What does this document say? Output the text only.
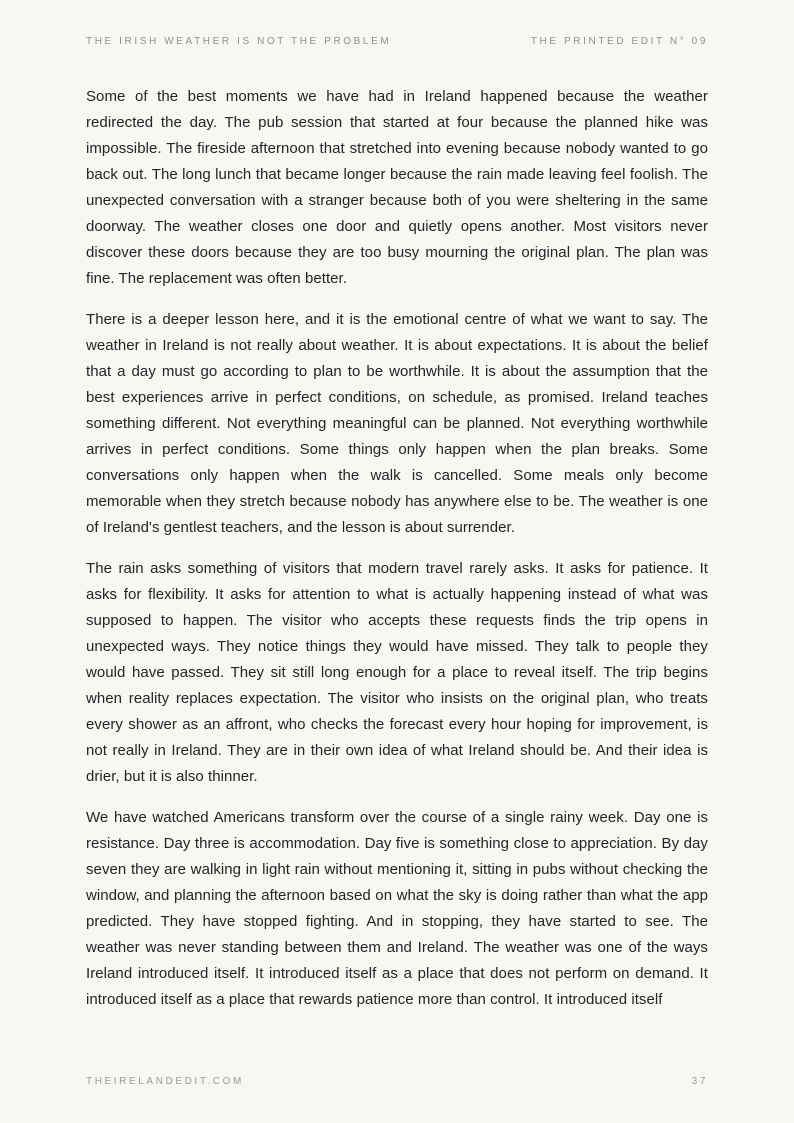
THE IRISH WEATHER IS NOT THE PROBLEM	THE PRINTED EDIT N° 09

Some of the best moments we have had in Ireland happened because the weather redirected the day. The pub session that started at four because the planned hike was impossible. The fireside afternoon that stretched into evening because nobody wanted to go back out. The long lunch that became longer because the rain made leaving feel foolish. The unexpected conversation with a stranger because both of you were sheltering in the same doorway. The weather closes one door and quietly opens another. Most visitors never discover these doors because they are too busy mourning the original plan. The plan was fine. The replacement was often better.

There is a deeper lesson here, and it is the emotional centre of what we want to say. The weather in Ireland is not really about weather. It is about expectations. It is about the belief that a day must go according to plan to be worthwhile. It is about the assumption that the best experiences arrive in perfect conditions, on schedule, as promised. Ireland teaches something different. Not everything meaningful can be planned. Not everything worthwhile arrives in perfect conditions. Some things only happen when the plan breaks. Some conversations only happen when the walk is cancelled. Some meals only become memorable when they stretch because nobody has anywhere else to be. The weather is one of Ireland's gentlest teachers, and the lesson is about surrender.

The rain asks something of visitors that modern travel rarely asks. It asks for patience. It asks for flexibility. It asks for attention to what is actually happening instead of what was supposed to happen. The visitor who accepts these requests finds the trip opens in unexpected ways. They notice things they would have missed. They talk to people they would have passed. They sit still long enough for a place to reveal itself. The trip begins when reality replaces expectation. The visitor who insists on the original plan, who treats every shower as an affront, who checks the forecast every hour hoping for improvement, is not really in Ireland. They are in their own idea of what Ireland should be. And their idea is drier, but it is also thinner.

We have watched Americans transform over the course of a single rainy week. Day one is resistance. Day three is accommodation. Day five is something close to appreciation. By day seven they are walking in light rain without mentioning it, sitting in pubs without checking the window, and planning the afternoon based on what the sky is doing rather than what the app predicted. They have stopped fighting. And in stopping, they have started to see. The weather was never standing between them and Ireland. The weather was one of the ways Ireland introduced itself. It introduced itself as a place that does not perform on demand. It introduced itself as a place that rewards patience more than control. It introduced itself

THEIRELANDEDIT.COM	37
